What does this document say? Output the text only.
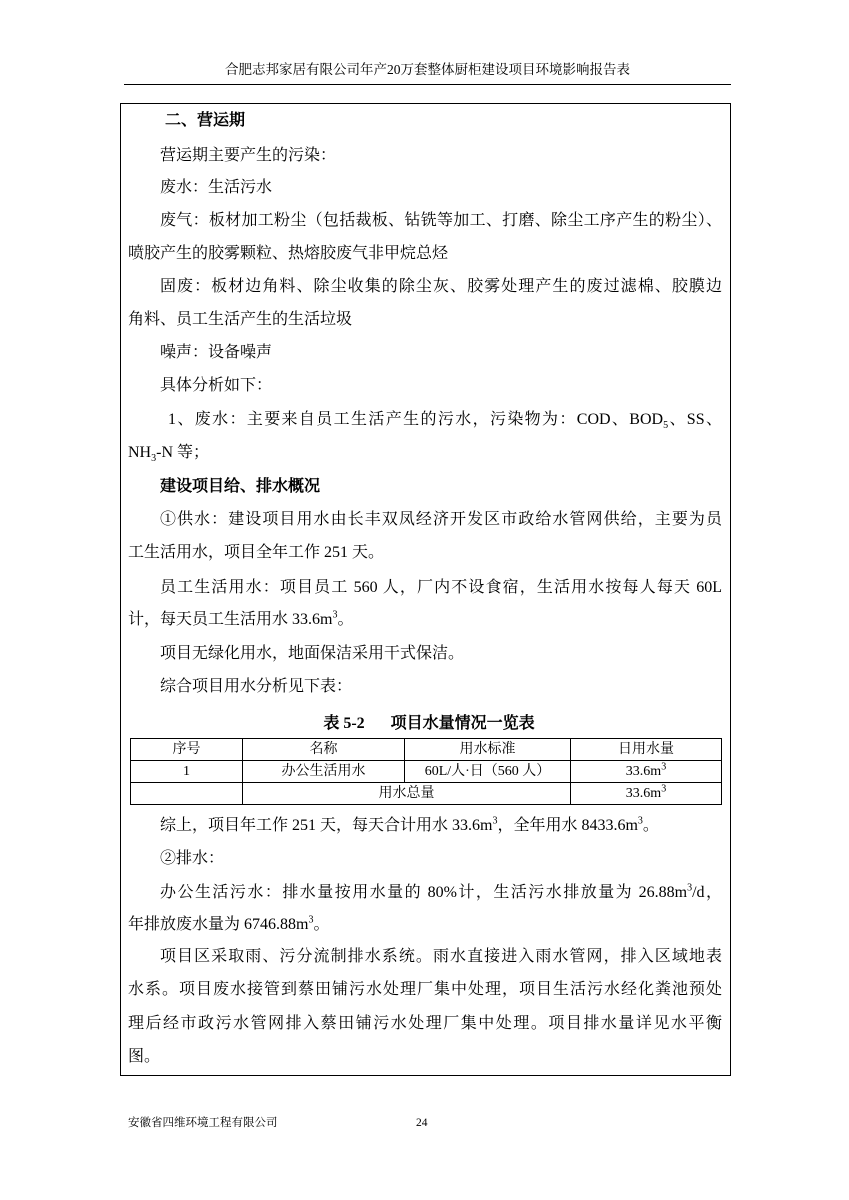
合肥志邦家居有限公司年产20万套整体厨柜建设项目环境影响报告表
二、营运期
营运期主要产生的污染：
废水：生活污水
废气：板材加工粉尘（包括裁板、钻铣等加工、打磨、除尘工序产生的粉尘）、
喷胶产生的胶雾颗粒、热熔胶废气非甲烷总烃
固废：板材边角料、除尘收集的除尘灰、胶雾处理产生的废过滤棉、胶膜边
角料、员工生活产生的生活垃圾
噪声：设备噪声
具体分析如下：
1、废水：主要来自员工生活产生的污水，污染物为：COD、$BOD_5$、SS、
$NH_3-N$ 等；
建设项目给、排水概况
①供水：建设项目用水由长丰双凤经济开发区市政给水管网供给，主要为员
工生活用水，项目全年工作 251 天。
员工生活用水：项目员工 560 人，厂内不设食宿，生活用水按每人每天 60L
计，每天员工生活用水 $33.6m^3$。
项目无绿化用水，地面保洁采用干式保洁。
综合项目用水分析见下表：
表 5-2 项目水量情况一览表
序号	名称	用水标准	日用水量
1	办公生活用水	60L/人·日（560 人）	$33.6m^3$
	用水总量		$33.6m^3$
综上，项目年工作 251 天，每天合计用水 $33.6m^3$，全年用水 $8433.6m^3$。
②排水：
办公生活污水：排水量按用水量的 80%计，生活污水排放量为 $26.88m^3/d$，
年排放废水量为 $6746.88m^3$。
项目区采取雨、污分流制排水系统。雨水直接进入雨水管网，排入区域地表
水系。项目废水接管到蔡田铺污水处理厂集中处理，项目生活污水经化粪池预处
理后经市政污水管网排入蔡田铺污水处理厂集中处理。项目排水量详见水平衡
图。
安徽省四维环境工程有限公司	24
